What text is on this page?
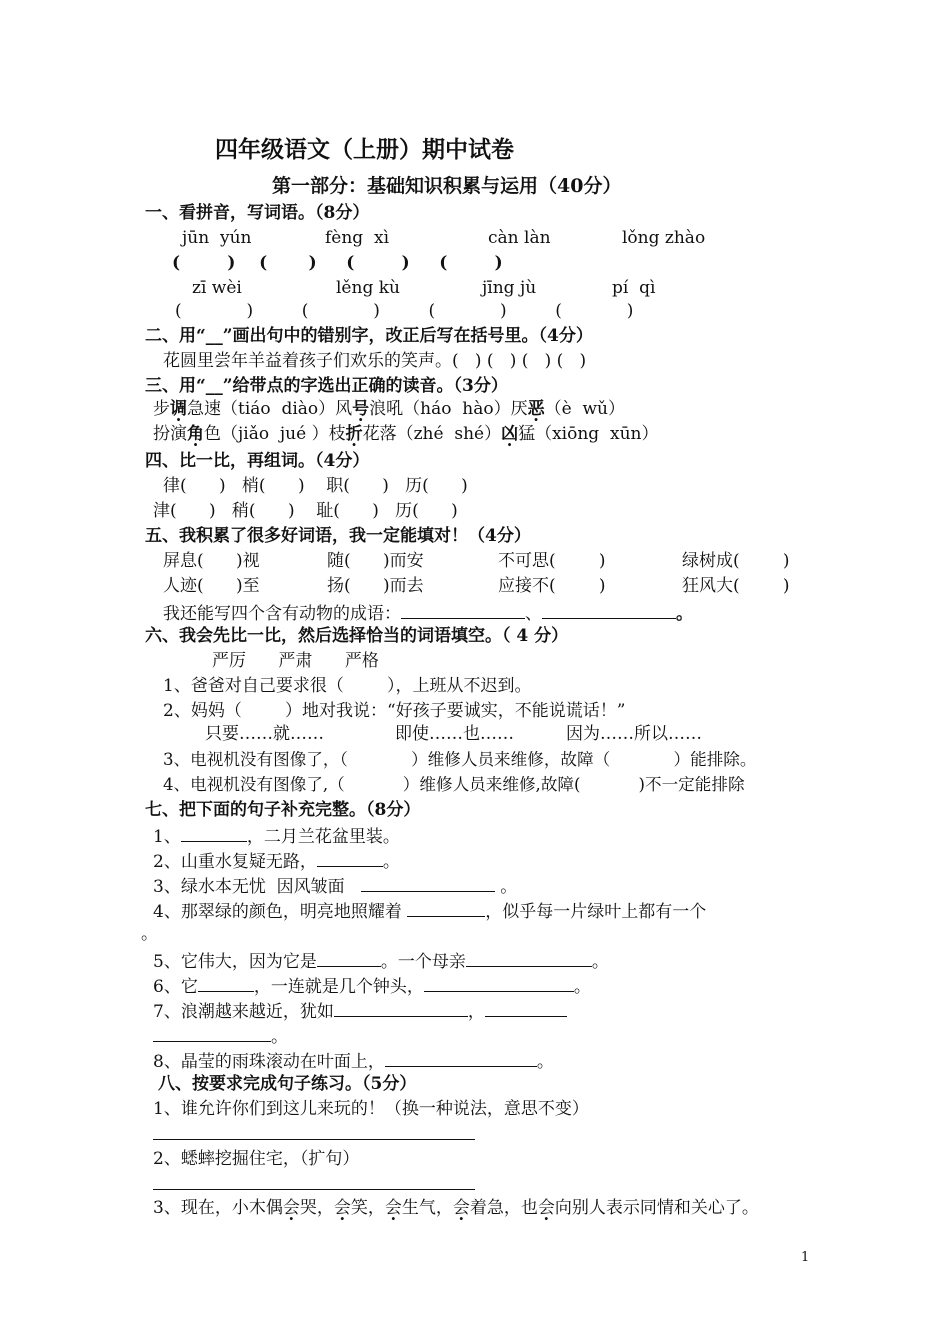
四年级语文（上册）期中试卷
第一部分：基础知识积累与运用（40分）
一、看拼音，写词语。（8分）
jūn  yún	fèng  xì	càn làn	lǒng zhào
(        )    (       )     (        )     (        )
zī wèi	lěng kù	jīng jù	pí  qì
(            )         (            )         (            )         (            )
二、用“__”画出句中的错别字，改正后写在括号里。（4分）
花圆里尝年羊益着孩子们欢乐的笑声。(   ) (   ) (   ) (   )
三、用“__”给带点的字选出正确的读音。（3分）
步调急速（tiáo  diào）风号浪吼（háo  hào）厌恶（è  wǔ）
扮演角色（jiǎo  jué ）枝折花落（zhé  shé）凶猛（xiōng  xūn）
四、比一比，再组词。（4分）
律(      )   梢(      )    职(      )   历(      )
津(      )   稍(      )    耻(      )   历(      )
五、我积累了很多好词语，我一定能填对！（4分）
屏息(      )视	随(      )而安	不可思(        )	绿树成(        )
人迹(      )至	扬(      )而去	应接不(        )	狂风大(        )
我还能写四个含有动物的成语：	、	。
六、我会先比一比，然后选择恰当的词语填空。（ 4 分）
严厉      严肃      严格
1、爸爸对自己要求很（        ），上班从不迟到。
2、妈妈（        ）地对我说：“好孩子要诚实，不能说谎话！”
只要……就……	即使……也……	因为……所以……
3、电视机没有图像了，（            ）维修人员来维修，故障（            ）能排除。
4、电视机没有图像了,（           ）维修人员来维修,故障(           )不一定能排除
七、把下面的句子补充完整。（8分）
1、	，二月兰花盆里装。
2、山重水复疑无路，	。
3、绿水本无忧  因风皱面	。
4、那翠绿的颜色，明亮地照耀着	，似乎每一片绿叶上都有一个
。
5、它伟大，因为它是	。一个母亲	。
6、它	，一连就是几个钟头，	。
7、浪潮越来越近，犹如	，
。
8、晶莹的雨珠滚动在叶面上，	。
八、按要求完成句子练习。（5分）
1、谁允许你们到这儿来玩的！（换一种说法，意思不变）
2、蟋蟀挖掘住宅，（扩句）
3、现在，小木偶会哭，会笑，会生气，会着急，也会向别人表示同情和关心了。
1
